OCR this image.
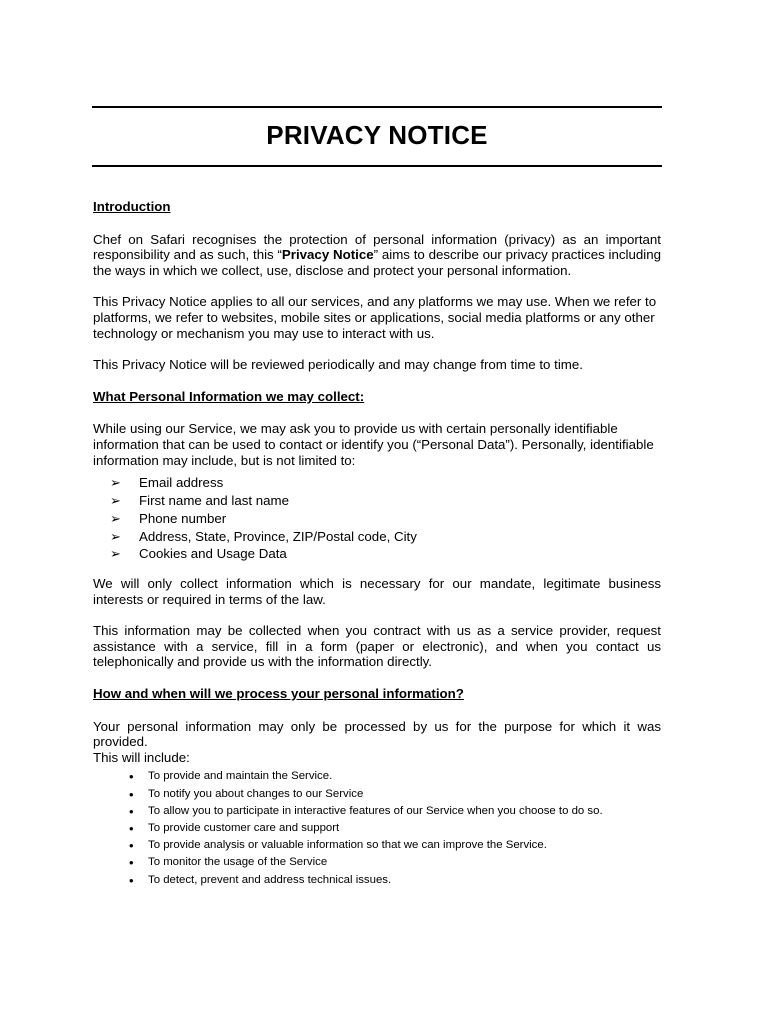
PRIVACY NOTICE
Introduction

Chef on Safari recognises the protection of personal information (privacy) as an important responsibility and as such, this “Privacy Notice” aims to describe our privacy practices including the ways in which we collect, use, disclose and protect your personal information.

This Privacy Notice applies to all our services, and any platforms we may use. When we refer to platforms, we refer to websites, mobile sites or applications, social media platforms or any other technology or mechanism you may use to interact with us.

This Privacy Notice will be reviewed periodically and may change from time to time.

What Personal Information we may collect:

While using our Service, we may ask you to provide us with certain personally identifiable information that can be used to contact or identify you (“Personal Data”). Personally, identifiable information may include, but is not limited to:

➢ Email address
➢ First name and last name
➢ Phone number
➢ Address, State, Province, ZIP/Postal code, City
➢ Cookies and Usage Data

We will only collect information which is necessary for our mandate, legitimate business interests or required in terms of the law.

This information may be collected when you contract with us as a service provider, request assistance with a service, fill in a form (paper or electronic), and when you contact us telephonically and provide us with the information directly.

How and when will we process your personal information?

Your personal information may only be processed by us for the purpose for which it was provided.

This will include:

• To provide and maintain the Service.
• To notify you about changes to our Service
• To allow you to participate in interactive features of our Service when you choose to do so.
• To provide customer care and support
• To provide analysis or valuable information so that we can improve the Service.
• To monitor the usage of the Service
• To detect, prevent and address technical issues.
